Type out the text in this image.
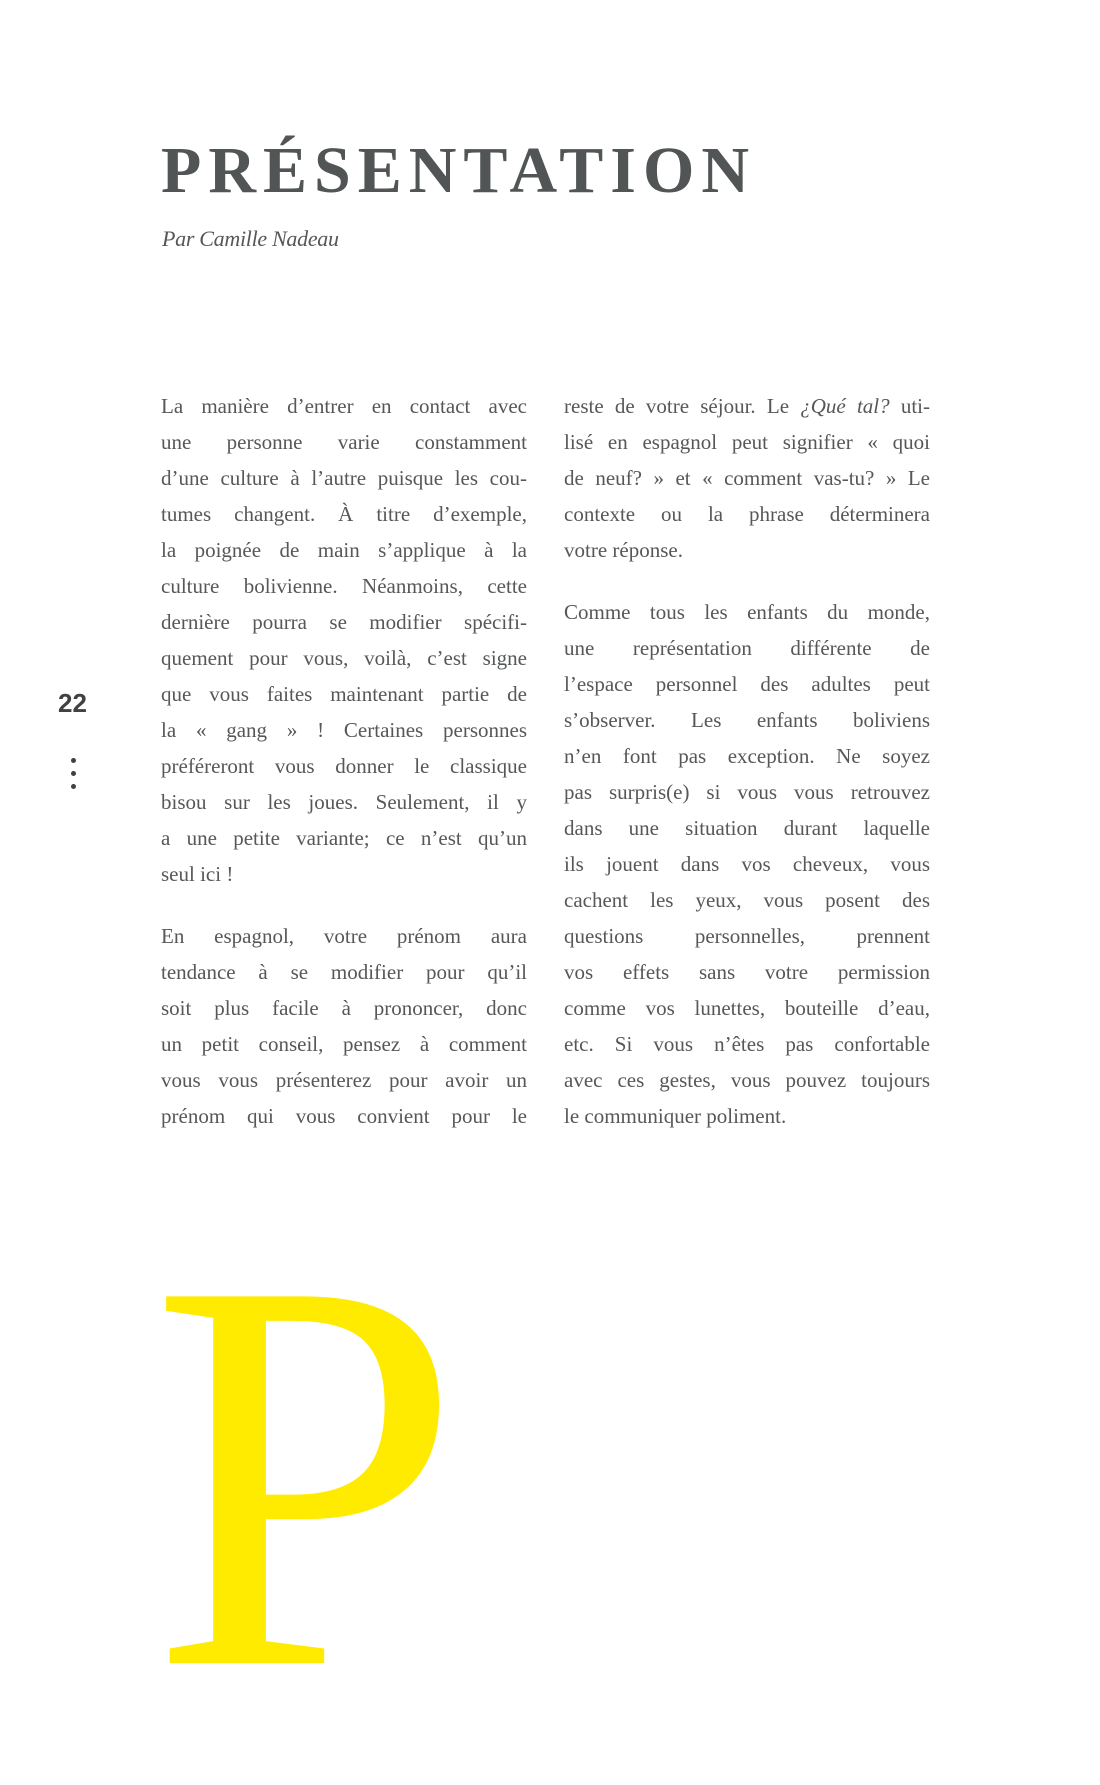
PRÉSENTATION
Par Camille Nadeau

La manière d’entrer en contact avec
une personne varie constamment
d’une culture à l’autre puisque les cou-
tumes changent. À titre d’exemple,
la poignée de main s’applique à la
culture bolivienne. Néanmoins, cette
dernière pourra se modifier spécifi-
quement pour vous, voilà, c’est signe
que vous faites maintenant partie de
la « gang » ! Certaines personnes
préféreront vous donner le classique
bisou sur les joues. Seulement, il y
a une petite variante; ce n’est qu’un
seul ici !

En espagnol, votre prénom aura
tendance à se modifier pour qu’il
soit plus facile à prononcer, donc
un petit conseil, pensez à comment
vous vous présenterez pour avoir un
prénom qui vous convient pour le

reste de votre séjour. Le ¿Qué tal? uti-
lisé en espagnol peut signifier « quoi
de neuf? » et « comment vas-tu? » Le
contexte ou la phrase déterminera
votre réponse.

Comme tous les enfants du monde,
une représentation différente de
l’espace personnel des adultes peut
s’observer. Les enfants boliviens
n’en font pas exception. Ne soyez
pas surpris(e) si vous vous retrouvez
dans une situation durant laquelle
ils jouent dans vos cheveux, vous
cachent les yeux, vous posent des
questions personnelles, prennent
vos effets sans votre permission
comme vos lunettes, bouteille d’eau,
etc. Si vous n’êtes pas confortable
avec ces gestes, vous pouvez toujours
le communiquer poliment.

22
P
